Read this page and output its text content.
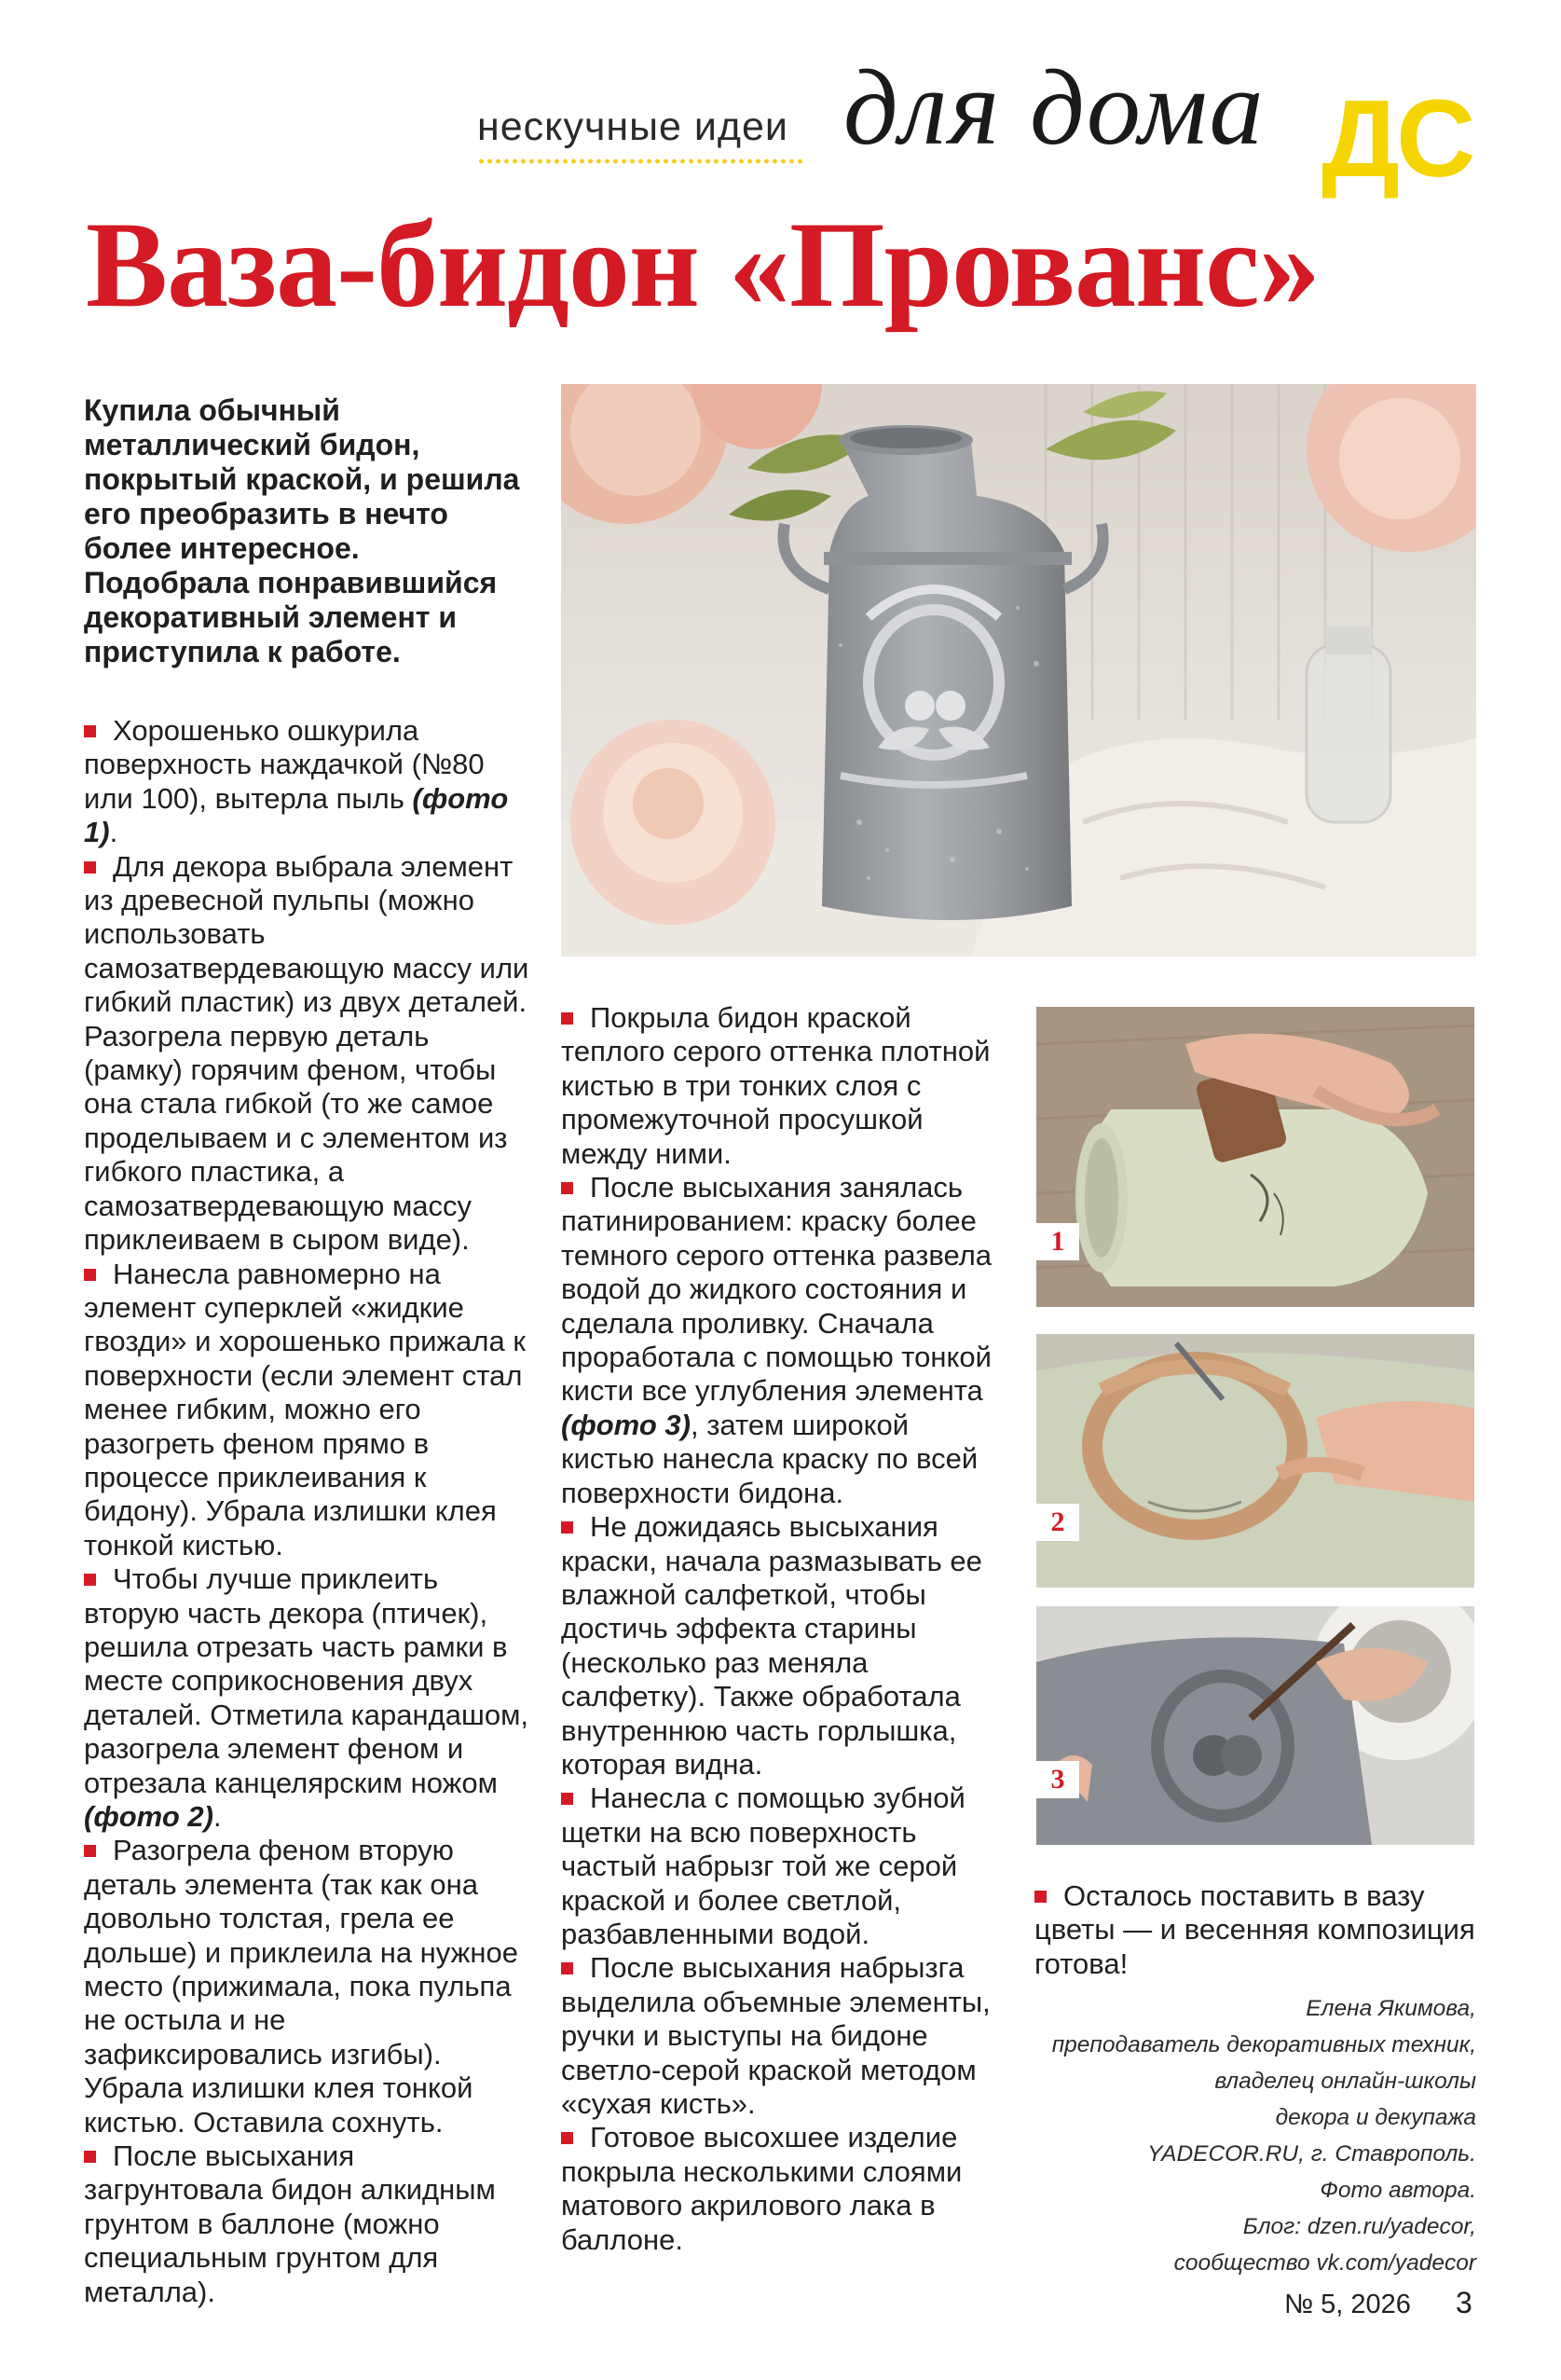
нескучные идеи для дома ДС
Ваза-бидон «Прованс»

Купила обычный металлический бидон, покрытый краской, и решила его преобразить в нечто более интересное. Подобрала понравившийся декоративный элемент и приступила к работе.

Хорошенько ошкурила поверхность наждачкой (№80 или 100), вытерла пыль (фото 1).

Для декора выбрала элемент из древесной пульпы (можно использовать самозатвердевающую массу или гибкий пластик) из двух деталей. Разогрела первую деталь (рамку) горячим феном, чтобы она стала гибкой (то же самое проделываем и с элементом из гибкого пластика, а самозатвердевающую массу приклеиваем в сыром виде).

Нанесла равномерно на элемент суперклей «жидкие гвозди» и хорошенько прижала к поверхности (если элемент стал менее гибким, можно его разогреть феном прямо в процессе приклеивания к бидону). Убрала излишки клея тонкой кистью.

Чтобы лучше приклеить вторую часть декора (птичек), решила отрезать часть рамки в месте соприкосновения двух деталей. Отметила карандашом, разогрела элемент феном и отрезала канцелярским ножом (фото 2).

Разогрела феном вторую деталь элемента (так как она довольно толстая, грела ее дольше) и приклеила на нужное место (прижимала, пока пульпа не остыла и не зафиксировались изгибы). Убрала излишки клея тонкой кистью. Оставила сохнуть.

После высыхания загрунтовала бидон алкидным грунтом в баллоне (можно специальным грунтом для металла).

Покрыла бидон краской теплого серого оттенка плотной кистью в три тонких слоя с промежуточной просушкой между ними.

После высыхания занялась патинированием: краску более темного серого оттенка развела водой до жидкого состояния и сделала проливку. Сначала проработала с помощью тонкой кисти все углубления элемента (фото 3), затем широкой кистью нанесла краску по всей поверхности бидона.

Не дожидаясь высыхания краски, начала размазывать ее влажной салфеткой, чтобы достичь эффекта старины (несколько раз меняла салфетку). Также обработала внутреннюю часть горлышка, которая видна.

Нанесла с помощью зубной щетки на всю поверхность частый набрызг той же серой краской и более светлой, разбавленными водой.

После высыхания набрызга выделила объемные элементы, ручки и выступы на бидоне светло-серой краской методом «сухая кисть».

Готовое высохшее изделие покрыла несколькими слоями матового акрилового лака в баллоне.

1
2
3

Осталось поставить в вазу цветы — и весенняя композиция готова!

Елена Якимова,
преподаватель декоративных техник,
владелец онлайн-школы
декора и декупажа
YADECOR.RU, г. Ставрополь.
Фото автора.
Блог: dzen.ru/yadecor,
сообщество vk.com/yadecor
№ 5, 2026 3
